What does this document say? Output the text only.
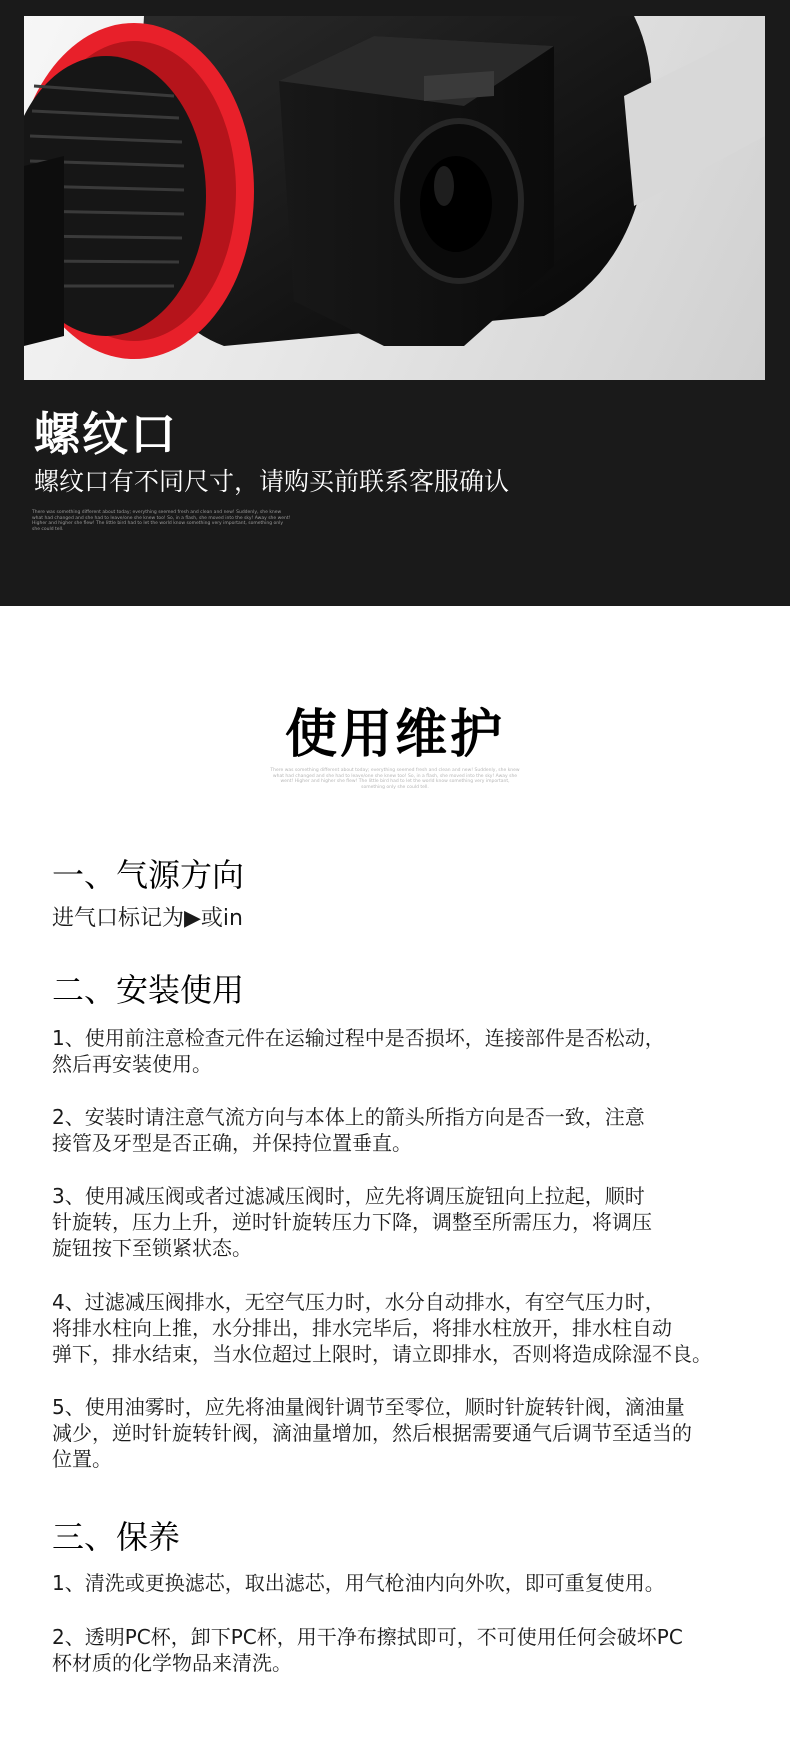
螺纹口
螺纹口有不同尺寸，请购买前联系客服确认
There was something different about today; everything seemed fresh and clean and new! Suddenly, she knew what had changed and she had to leave/one she knew too! So, in a flash, she moved into the sky! Away she went! Higher and higher she flew! The little bird had to let the world know something very important, something only she could tell.
使用维护
There was something different about today; everything seemed fresh and clean and new! Suddenly, she knew what had changed and she had to leave/one she knew too! So, in a flash, she moved into the sky! Away she went! Higher and higher she flew! The little bird had to let the world know something very important, something only she could tell.
一、气源方向
进气口标记为▶或in
二、安装使用
1、使用前注意检查元件在运输过程中是否损坏，连接部件是否松动，
然后再安装使用。
2、安装时请注意气流方向与本体上的箭头所指方向是否一致，注意
接管及牙型是否正确，并保持位置垂直。
3、使用减压阀或者过滤减压阀时，应先将调压旋钮向上拉起，顺时
针旋转，压力上升，逆时针旋转压力下降，调整至所需压力，将调压
旋钮按下至锁紧状态。
4、过滤减压阀排水，无空气压力时，水分自动排水，有空气压力时，
将排水柱向上推，水分排出，排水完毕后，将排水柱放开，排水柱自动
弹下，排水结束，当水位超过上限时，请立即排水，否则将造成除湿不良。
5、使用油雾时，应先将油量阀针调节至零位，顺时针旋转针阀，滴油量
减少，逆时针旋转针阀，滴油量增加，然后根据需要通气后调节至适当的
位置。
三、保养
1、清洗或更换滤芯，取出滤芯，用气枪油内向外吹，即可重复使用。
2、透明PC杯，卸下PC杯，用干净布擦拭即可，不可使用任何会破坏PC
杯材质的化学物品来清洗。
